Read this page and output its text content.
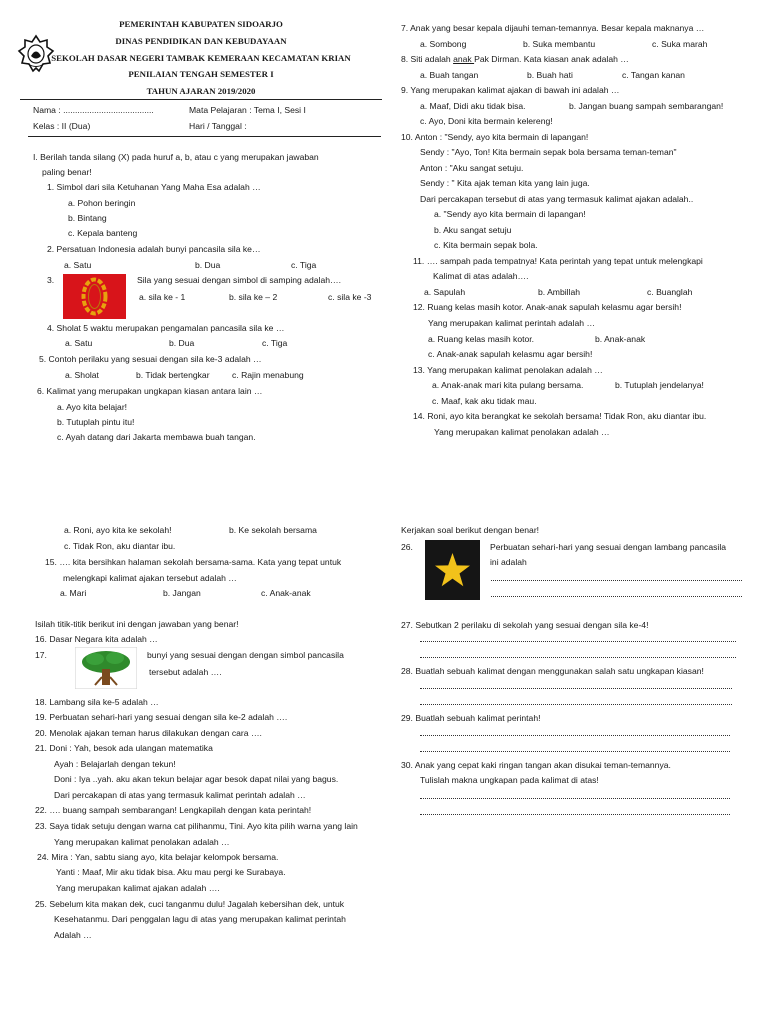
PEMERINTAH KABUPATEN SIDOARJO
DINAS PENDIDIKAN DAN KEBUDAYAAN
SEKOLAH DASAR NEGERI TAMBAK KEMERAAN KECAMATAN KRIAN
PENILAIAN TENGAH SEMESTER I
TAHUN AJARAN 2019/2020
Nama : ......................................	Mata Pelajaran : Tema I, Sesi I
Kelas : II (Dua)	Hari / Tanggal :
I. Berilah tanda silang (X) pada huruf a, b, atau c yang merupakan jawaban
paling benar!
1. Simbol dari sila Ketuhanan Yang Maha Esa adalah …
a. Pohon beringin
b. Bintang
c. Kepala banteng
2. Persatuan Indonesia adalah bunyi pancasila sila ke…
a. Satu	b. Dua	c. Tiga
3.	Sila yang sesuai dengan simbol di samping adalah….
a. sila ke - 1	b. sila ke – 2	c. sila ke -3
4. Sholat 5 waktu merupakan pengamalan pancasila sila ke …
a. Satu	b. Dua	c. Tiga
5. Contoh perilaku yang sesuai dengan sila ke-3 adalah …
a. Sholat	b. Tidak bertengkar	c. Rajin menabung
6. Kalimat yang merupakan ungkapan kiasan antara lain …
a. Ayo kita belajar!
b. Tutuplah pintu itu!
c. Ayah datang dari Jakarta membawa buah tangan.
7. Anak yang besar kepala dijauhi teman-temannya. Besar kepala maknanya …
a. Sombong	b. Suka membantu	c. Suka marah
8. Siti adalah anak Pak Dirman. Kata kiasan anak adalah …
a. Buah tangan	b. Buah hati	c. Tangan kanan
9. Yang merupakan kalimat ajakan di bawah ini adalah …
a. Maaf, Didi aku tidak bisa.	b. Jangan buang sampah sembarangan!
c. Ayo, Doni kita bermain kelereng!
10. Anton : "Sendy, ayo kita bermain di lapangan!
Sendy : "Ayo, Ton! Kita bermain sepak bola bersama teman-teman"
Anton : "Aku sangat setuju.
Sendy : " Kita ajak teman kita yang lain juga.
Dari percakapan tersebut di atas yang termasuk kalimat ajakan adalah..
a. "Sendy ayo kita bermain di lapangan!
b. Aku sangat setuju
c. Kita bermain sepak bola.
11. …. sampah pada tempatnya! Kata perintah yang tepat untuk melengkapi
Kalimat di atas adalah….
a. Sapulah	b. Ambillah	c. Buanglah
12. Ruang kelas masih kotor. Anak-anak sapulah kelasmu agar bersih!
Yang merupakan kalimat perintah adalah …
a. Ruang kelas masih kotor.	b. Anak-anak
c. Anak-anak sapulah kelasmu agar bersih!
13. Yang merupakan kalimat penolakan adalah …
a. Anak-anak mari kita pulang bersama.	b. Tutuplah jendelanya!
c. Maaf, kak aku tidak mau.
14. Roni, ayo kita berangkat ke sekolah bersama! Tidak Ron, aku diantar ibu.
Yang merupakan kalimat penolakan adalah …
a. Roni, ayo kita ke sekolah!	b. Ke sekolah bersama
c. Tidak Ron, aku diantar ibu.
15. …. kita bersihkan halaman sekolah bersama-sama. Kata yang tepat untuk
melengkapi kalimat ajakan tersebut adalah …
a. Mari	b. Jangan	c. Anak-anak
Isilah titik-titik berikut ini dengan jawaban yang benar!
16. Dasar Negara kita adalah …
17.	bunyi yang sesuai dengan dengan simbol pancasila
tersebut adalah ….
18. Lambang sila ke-5 adalah …
19. Perbuatan sehari-hari yang sesuai dengan sila ke-2 adalah ….
20. Menolak ajakan teman harus dilakukan dengan cara ….
21. Doni : Yah, besok ada ulangan matematika
Ayah : Belajarlah dengan tekun!
Doni : Iya ..yah. aku akan tekun belajar agar besok dapat nilai yang bagus.
Dari percakapan di atas yang termasuk kalimat perintah adalah …
22. …. buang sampah sembarangan! Lengkapilah dengan kata perintah!
23. Saya tidak setuju dengan warna cat pilihanmu, Tini. Ayo kita pilih warna yang lain
Yang merupakan kalimat penolakan adalah …
24. Mira : Yan, sabtu siang ayo, kita belajar kelompok bersama.
Yanti : Maaf, Mir aku tidak bisa. Aku mau pergi ke Surabaya.
Yang merupakan kalimat ajakan adalah ….
25. Sebelum kita makan dek, cuci tanganmu dulu! Jagalah kebersihan dek, untuk
Kesehatanmu. Dari penggalan lagu di atas yang merupakan kalimat perintah
Adalah …
Kerjakan soal berikut dengan benar!
26.	Perbuatan sehari-hari yang sesuai dengan lambang pancasila
ini adalah
27. Sebutkan 2 perilaku di sekolah yang sesuai dengan sila ke-4!
28. Buatlah sebuah kalimat dengan menggunakan salah satu ungkapan kiasan!
29. Buatlah sebuah kalimat perintah!
30. Anak yang cepat kaki ringan tangan akan disukai teman-temannya.
Tulislah makna ungkapan pada kalimat di atas!
